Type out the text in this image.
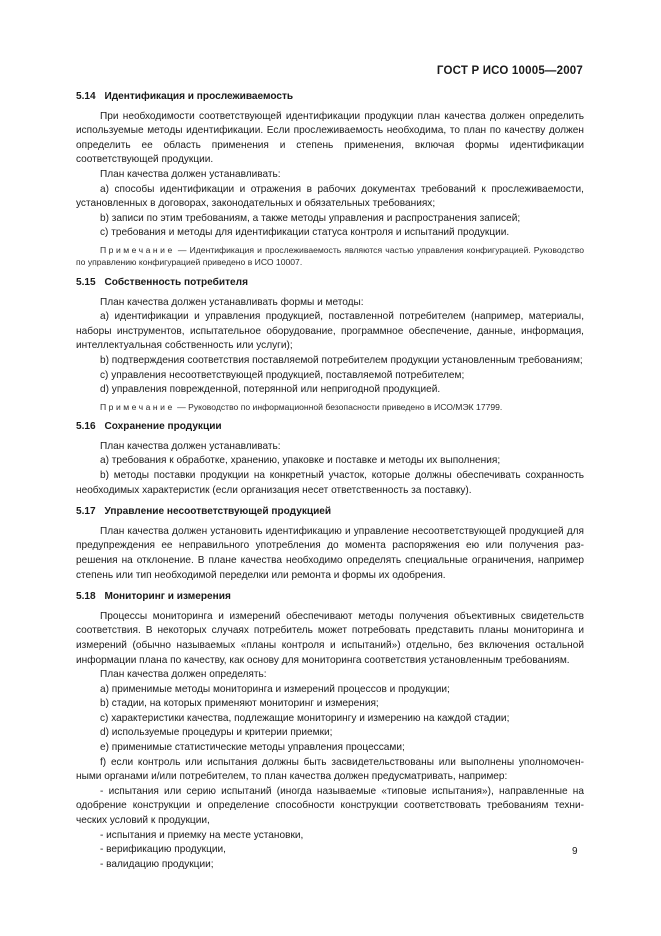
ГОСТ Р ИСО 10005—2007
5.14 Идентификация и прослеживаемость

При необходимости соответствующей идентификации продукции план качества должен определить используемые методы идентификации. Если прослеживаемость необходима, то план по качеству должен определить ее область применения и степень применения, включая формы идентификации соответствующей продукции.

План качества должен устанавливать:

а) способы идентификации и отражения в рабочих документах требований к прослеживаемости, установленных в договорах, законодательных и обязательных требованиях;

b) записи по этим требованиям, а также методы управления и распространения записей;

с) требования и методы для идентификации статуса контроля и испытаний продукции.

Примечание — Идентификация и прослеживаемость являются частью управления конфигурацией. Руководство по управлению конфигурацией приведено в ИСО 10007.

5.15 Собственность потребителя

План качества должен устанавливать формы и методы:

а) идентификации и управления продукцией, поставленной потребителем (например, материалы, наборы инструментов, испытательное оборудование, программное обеспечение, данные, информация, интеллектуальная собственность или услуги);

b) подтверждения соответствия поставляемой потребителем продукции установленным требованиям;

с) управления несоответствующей продукцией, поставляемой потребителем;

d) управления поврежденной, потерянной или непригодной продукцией.

Примечание — Руководство по информационной безопасности приведено в ИСО/МЭК 17799.

5.16 Сохранение продукции

План качества должен устанавливать:

а) требования к обработке, хранению, упаковке и поставке и методы их выполнения;

b) методы поставки продукции на конкретный участок, которые должны обеспечивать сохранность необходимых характеристик (если организация несет ответственность за поставку).

5.17 Управление несоответствующей продукцией

План качества должен установить идентификацию и управление несоответствующей продукцией для предупреждения ее неправильного употребления до момента распоряжения ею или получения разрешения на отклонение. В плане качества необходимо определять специальные ограничения, например степень или тип необходимой переделки или ремонта и формы их одобрения.

5.18 Мониторинг и измерения

Процессы мониторинга и измерений обеспечивают методы получения объективных свидетельств соответствия. В некоторых случаях потребитель может потребовать представить планы мониторинга и измерений (обычно называемых «планы контроля и испытаний») отдельно, без включения остальной информации плана по качеству, как основу для мониторинга соответствия установленным требованиям.

План качества должен определять:

а) применимые методы мониторинга и измерений процессов и продукции;

b) стадии, на которых применяют мониторинг и измерения;

с) характеристики качества, подлежащие мониторингу и измерению на каждой стадии;

d) используемые процедуры и критерии приемки;

е) применимые статистические методы управления процессами;

f) если контроль или испытания должны быть засвидетельствованы или выполнены уполномоченными органами и/или потребителем, то план качества должен предусматривать, например:

- испытания или серию испытаний (иногда называемые «типовые испытания»), направленные на одобрение конструкции и определение способности конструкции соответствовать требованиям технических условий к продукции,

- испытания и приемку на месте установки,

- верификацию продукции,

- валидацию продукции;

9
